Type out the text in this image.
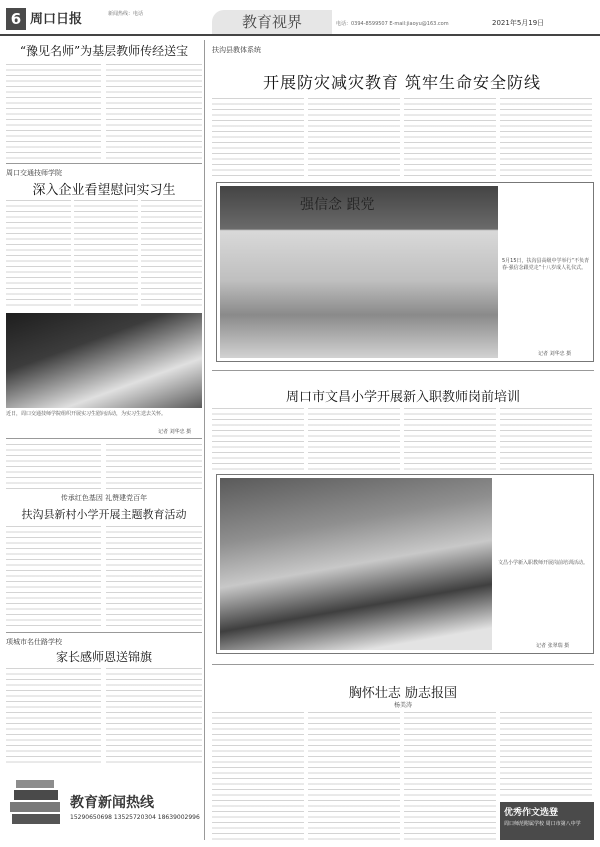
6 周口日报	新闻热线：电话	教育视界	电话：0394-8599507 E-mail:jiaoyu@163.com	2021年5月19日
“豫见名师”为基层教师传经送宝
周口交通技师学院
深入企业看望慰问实习生
近日，周口交通技师学院组织开展实习生慰问活动，为实习生送去关怀。
记者 刘华忠 摄
传承红色基因 礼赞建党百年
扶沟县新村小学开展主题教育活动
项城市名仕路学校
家长感师恩送锦旗
教育新闻热线
15290650698 13525720304 18639002996
扶沟县教体系统
开展防灾减灾教育 筑牢生命安全防线
强信念 跟党
5月15日，扶沟县高级中学举行“不负青春·强信念跟党走”十八岁成人礼仪式。
记者 刘华忠 摄
周口市文昌小学开展新入职教师岗前培训
文昌小学新入职教师开展岗前培训活动。
记者 张翠瑞 摄
胸怀壮志 励志报国
杨美涛
优秀作文选登
周口师范附属学校 周口市第八中学
